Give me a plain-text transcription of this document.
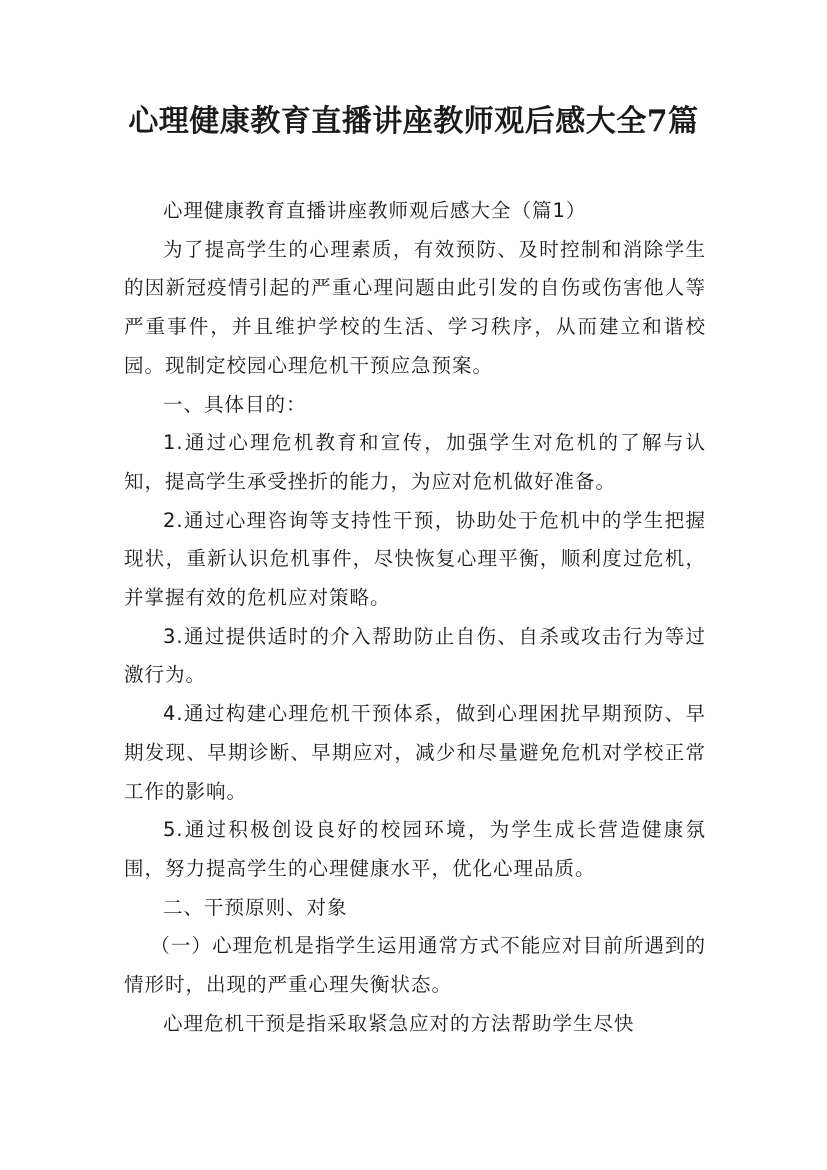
心理健康教育直播讲座教师观后感大全7篇

心理健康教育直播讲座教师观后感大全（篇1）

为了提高学生的心理素质，有效预防、及时控制和消除学生的因新冠疫情引起的严重心理问题由此引发的自伤或伤害他人等严重事件，并且维护学校的生活、学习秩序，从而建立和谐校园。现制定校园心理危机干预应急预案。

一、具体目的：

1.通过心理危机教育和宣传，加强学生对危机的了解与认知，提高学生承受挫折的能力，为应对危机做好准备。

2.通过心理咨询等支持性干预，协助处于危机中的学生把握现状，重新认识危机事件，尽快恢复心理平衡，顺利度过危机，并掌握有效的危机应对策略。

3.通过提供适时的介入帮助防止自伤、自杀或攻击行为等过激行为。

4.通过构建心理危机干预体系，做到心理困扰早期预防、早期发现、早期诊断、早期应对，减少和尽量避免危机对学校正常工作的影响。

5.通过积极创设良好的校园环境，为学生成长营造健康氛围，努力提高学生的心理健康水平，优化心理品质。

二、干预原则、对象

（一）心理危机是指学生运用通常方式不能应对目前所遇到的情形时，出现的严重心理失衡状态。

心理危机干预是指采取紧急应对的方法帮助学生尽快
